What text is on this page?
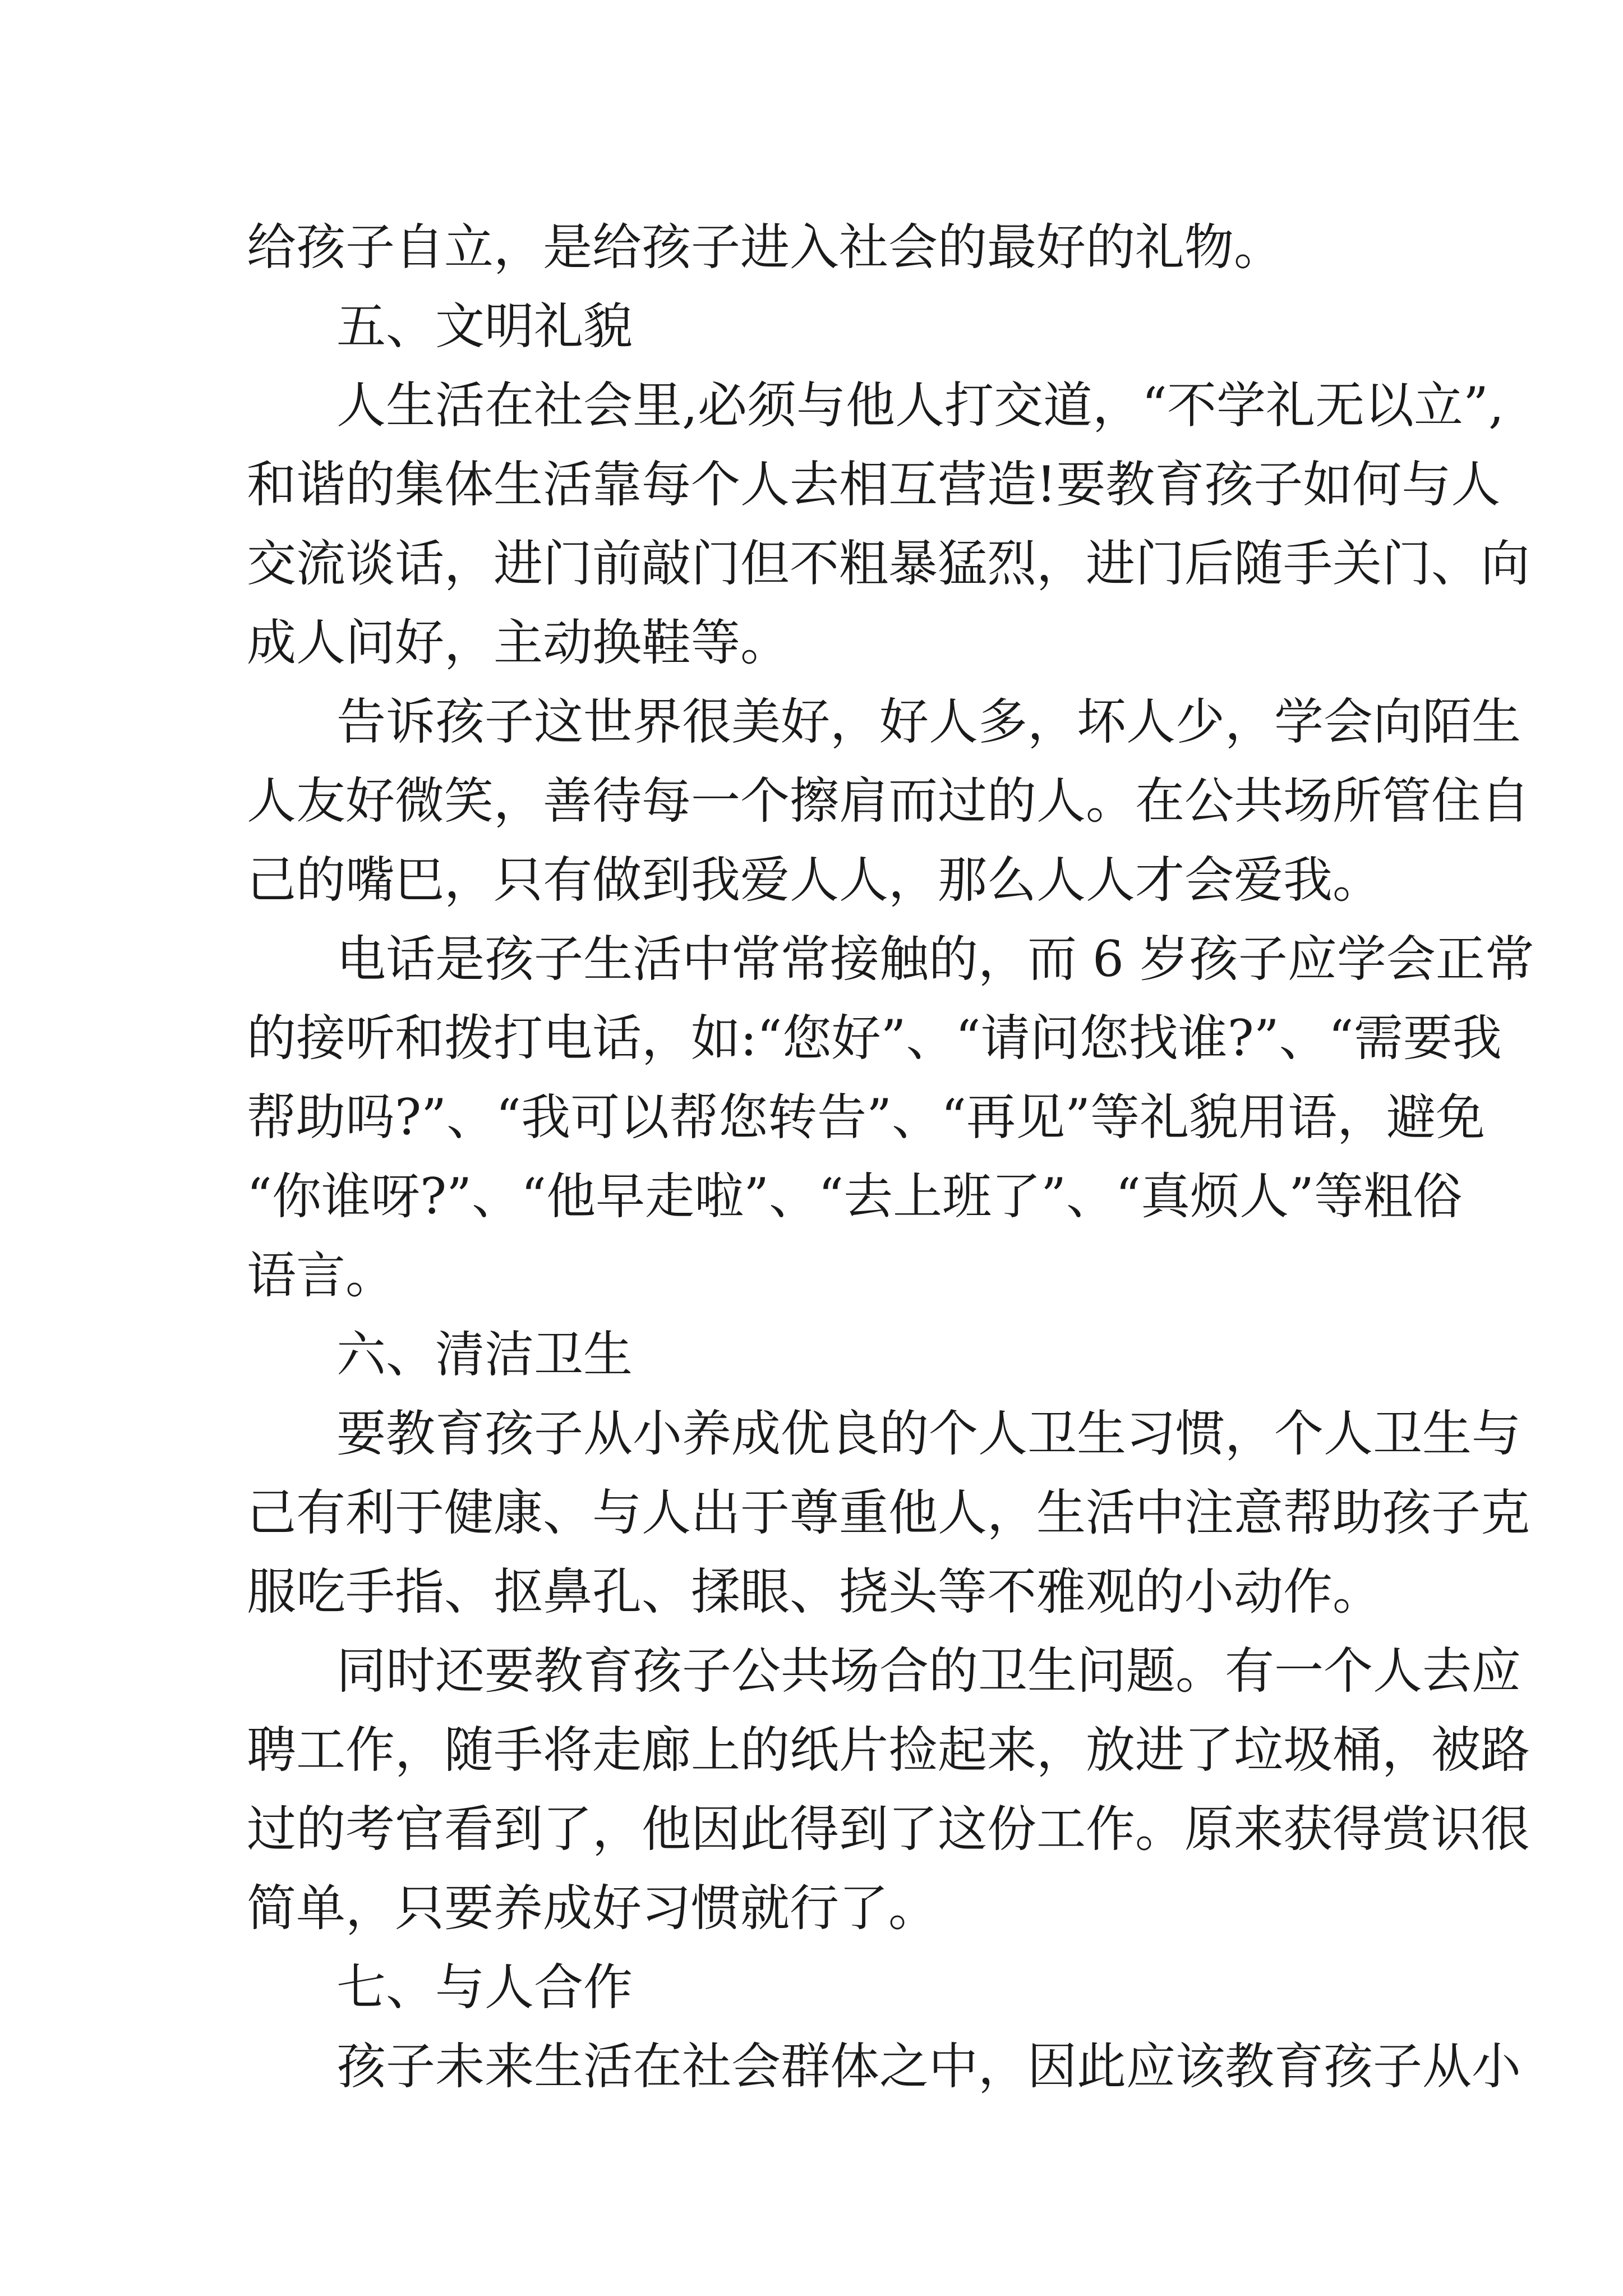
给孩子自立，是给孩子进入社会的最好的礼物。
五、文明礼貌
人生活在社会里,必须与他人打交道，“不学礼无以立”,
和谐的集体生活靠每个人去相互营造!要教育孩子如何与人
交流谈话，进门前敲门但不粗暴猛烈，进门后随手关门、向
成人问好，主动换鞋等。
告诉孩子这世界很美好，好人多，坏人少，学会向陌生
人友好微笑，善待每一个擦肩而过的人。在公共场所管住自
己的嘴巴，只有做到我爱人人，那么人人才会爱我。
电话是孩子生活中常常接触的，而 6 岁孩子应学会正常
的接听和拨打电话，如:“您好”、“请问您找谁?”、“需要我
帮助吗?”、“我可以帮您转告”、“再见”等礼貌用语，避免
“你谁呀?”、“他早走啦”、“去上班了”、“真烦人”等粗俗
语言。
六、清洁卫生
要教育孩子从小养成优良的个人卫生习惯，个人卫生与
己有利于健康、与人出于尊重他人，生活中注意帮助孩子克
服吃手指、抠鼻孔、揉眼、挠头等不雅观的小动作。
同时还要教育孩子公共场合的卫生问题。有一个人去应
聘工作，随手将走廊上的纸片捡起来，放进了垃圾桶，被路
过的考官看到了，他因此得到了这份工作。原来获得赏识很
简单，只要养成好习惯就行了。
七、与人合作
孩子未来生活在社会群体之中，因此应该教育孩子从小
